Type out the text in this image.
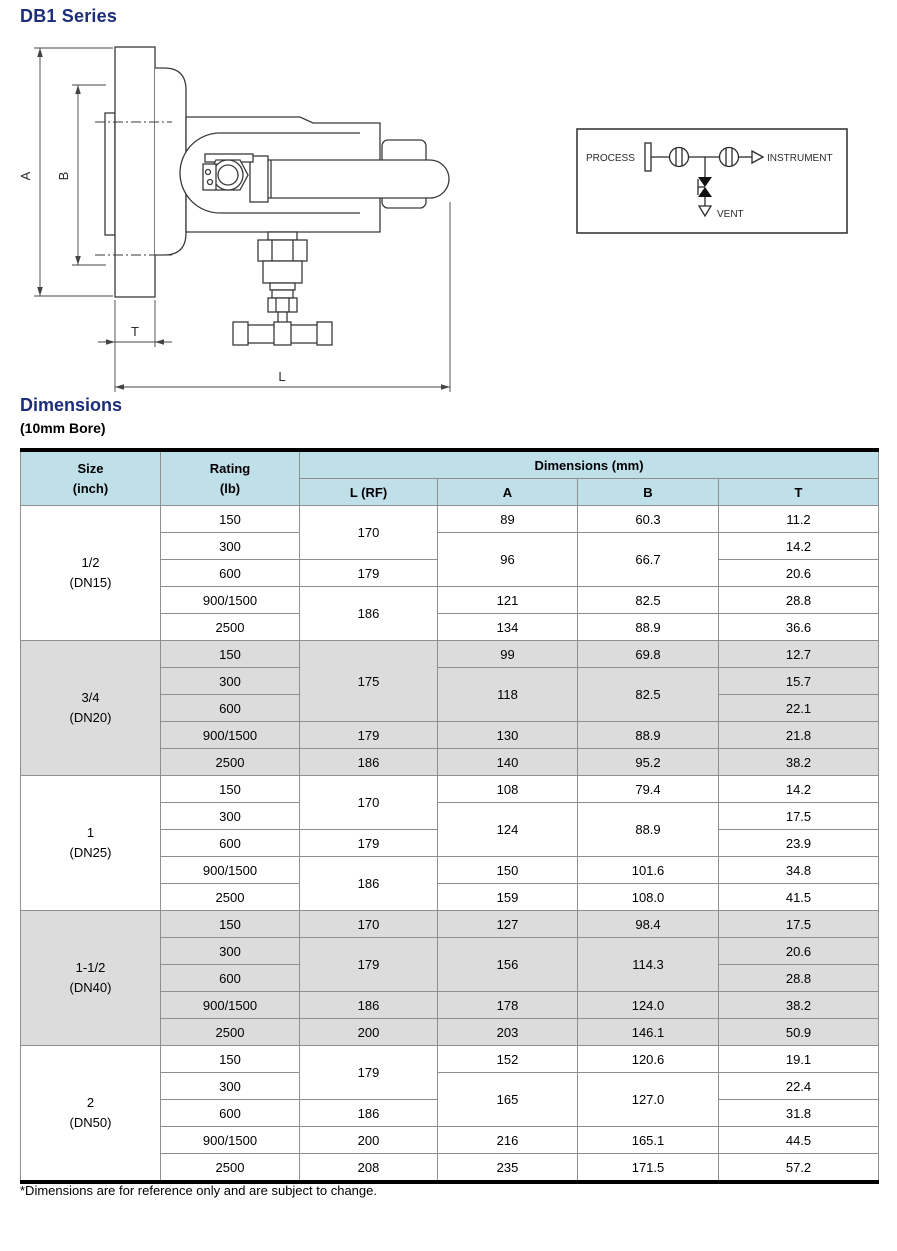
DB1 Series
A B
T
L
PROCESS	INSTRUMENT
VENT
Dimensions
(10mm Bore)
Size
(inch)

Rating
(lb)
	Dimensions (mm)
		L (RF)	A	B	T

1/2
(DN15)	150	170	89	60.3	11.2
	300		96	66.7	14.2
	600	179			20.6
	900/1500	186	121	82.5	28.8
	2500		134	88.9	36.6

3/4
(DN20)	150	175	99	69.8	12.7
	300		118	82.5	15.7
	600				22.1
	900/1500	179	130	88.9	21.8
	2500	186	140	95.2	38.2

1
(DN25)	150	170	108	79.4	14.2
	300		124	88.9	17.5
	600	179			23.9
	900/1500	186	150	101.6	34.8
	2500		159	108.0	41.5

1-1/2
(DN40)	150	170	127	98.4	17.5
	300	179	156	114.3	20.6
	600				28.8
	900/1500	186	178	124.0	38.2
	2500	200	203	146.1	50.9

2
(DN50)	150	179	152	120.6	19.1
	300		165	127.0	22.4
	600	186			31.8
	900/1500	200	216	165.1	44.5
	2500	208	235	171.5	57.2
*Dimensions are for reference only and are subject to change.
